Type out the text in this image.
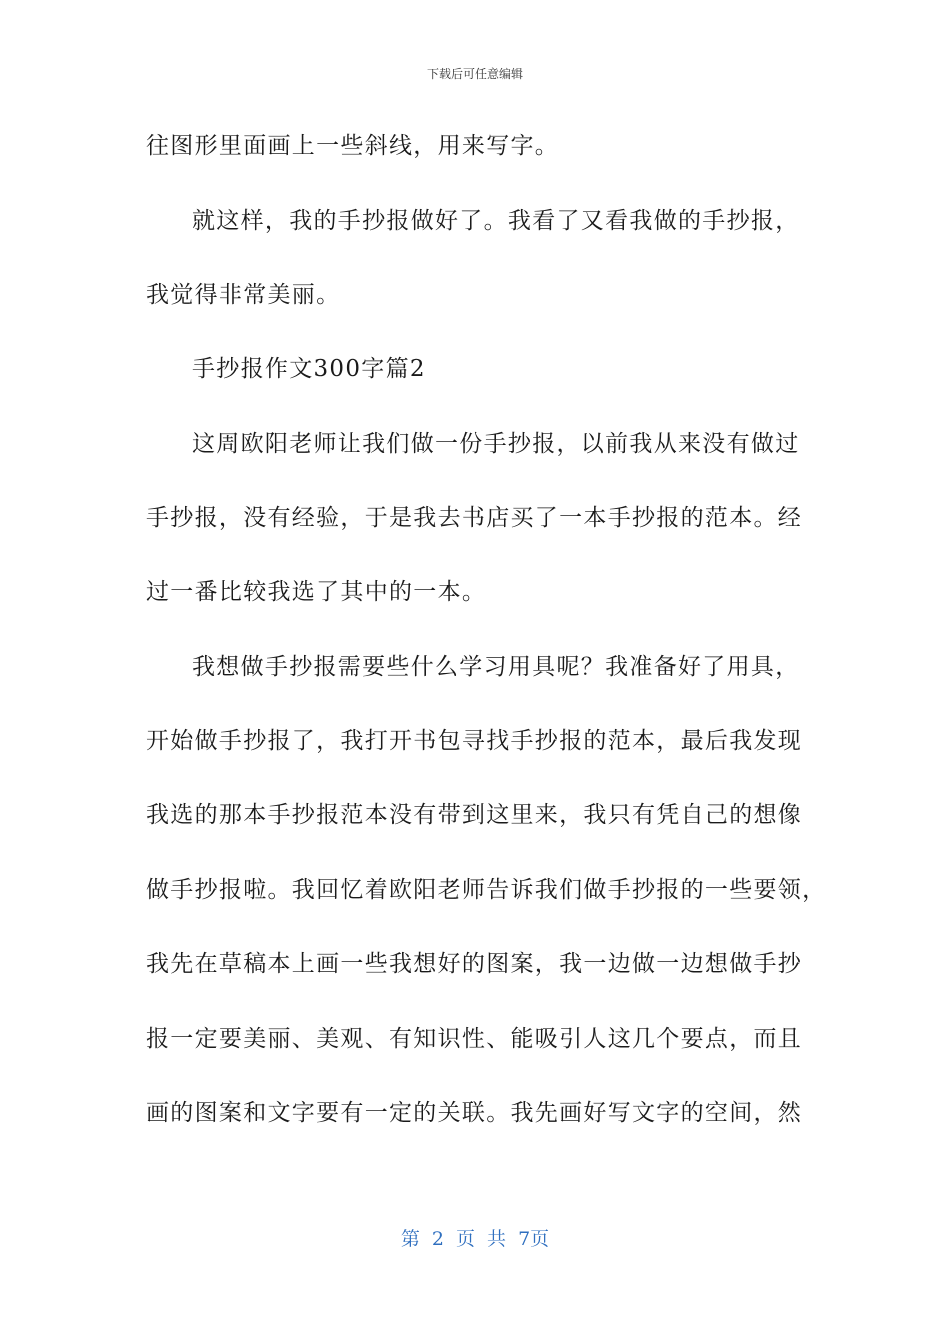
下载后可任意编辑
往图形里面画上一些斜线，用来写字。
就这样，我的手抄报做好了。我看了又看我做的手抄报，
我觉得非常美丽。
手抄报作文300字篇2
这周欧阳老师让我们做一份手抄报，以前我从来没有做过
手抄报，没有经验，于是我去书店买了一本手抄报的范本。经
过一番比较我选了其中的一本。
我想做手抄报需要些什么学习用具呢？我准备好了用具，
开始做手抄报了，我打开书包寻找手抄报的范本，最后我发现
我选的那本手抄报范本没有带到这里来，我只有凭自己的想像
做手抄报啦。我回忆着欧阳老师告诉我们做手抄报的一些要领，
我先在草稿本上画一些我想好的图案，我一边做一边想做手抄
报一定要美丽、美观、有知识性、能吸引人这几个要点，而且
画的图案和文字要有一定的关联。我先画好写文字的空间，然
第 2 页 共 7页
